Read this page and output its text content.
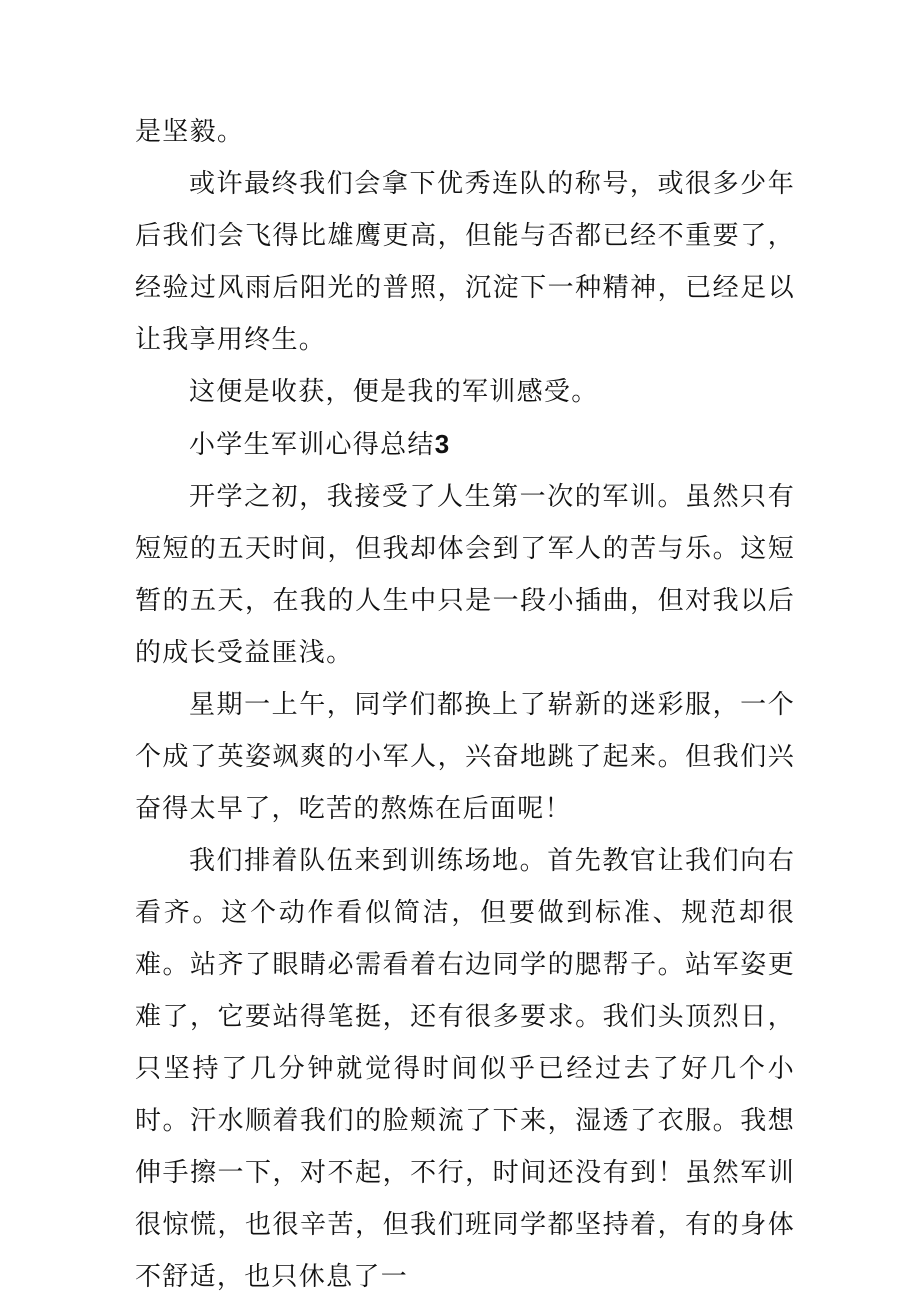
是坚毅。

或许最终我们会拿下优秀连队的称号，或很多少年后我们会飞得比雄鹰更高，但能与否都已经不重要了，经验过风雨后阳光的普照，沉淀下一种精神，已经足以让我享用终生。

这便是收获，便是我的军训感受。

小学生军训心得总结3

开学之初，我接受了人生第一次的军训。虽然只有短短的五天时间，但我却体会到了军人的苦与乐。这短暂的五天，在我的人生中只是一段小插曲，但对我以后的成长受益匪浅。

星期一上午，同学们都换上了崭新的迷彩服，一个个成了英姿飒爽的小军人，兴奋地跳了起来。但我们兴奋得太早了，吃苦的熬炼在后面呢！

我们排着队伍来到训练场地。首先教官让我们向右看齐。这个动作看似简洁，但要做到标准、规范却很难。站齐了眼睛必需看着右边同学的腮帮子。站军姿更难了，它要站得笔挺，还有很多要求。我们头顶烈日，只坚持了几分钟就觉得时间似乎已经过去了好几个小时。汗水顺着我们的脸颊流了下来，湿透了衣服。我想伸手擦一下，对不起，不行，时间还没有到！虽然军训很惊慌，也很辛苦，但我们班同学都坚持着，有的身体不舒适，也只休息了一
